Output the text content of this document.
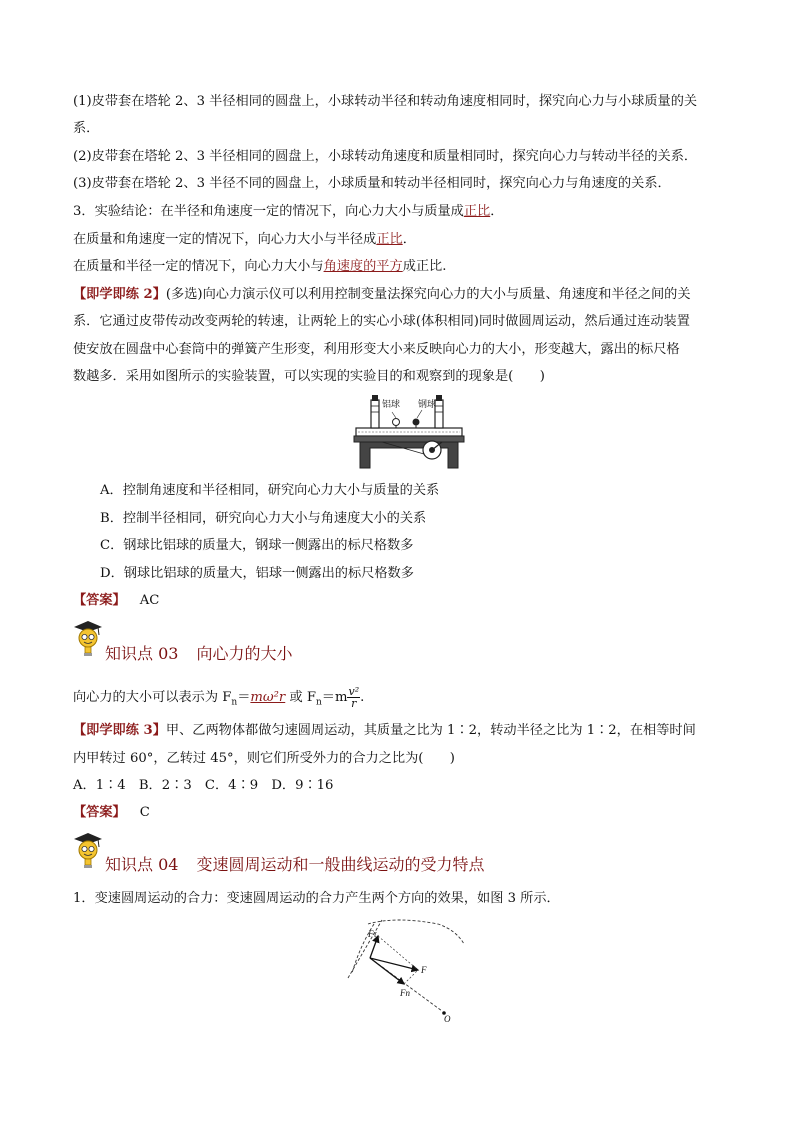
(1)皮带套在塔轮 2、3 半径相同的圆盘上，小球转动半径和转动角速度相同时，探究向心力与小球质量的关
系．
(2)皮带套在塔轮 2、3 半径相同的圆盘上，小球转动角速度和质量相同时，探究向心力与转动半径的关系．
(3)皮带套在塔轮 2、3 半径不同的圆盘上，小球质量和转动半径相同时，探究向心力与角速度的关系．
3．实验结论：在半径和角速度一定的情况下，向心力大小与质量成正比．
在质量和角速度一定的情况下，向心力大小与半径成正比．
在质量和半径一定的情况下，向心力大小与角速度的平方成正比.
【即学即练 2】(多选)向心力演示仪可以利用控制变量法探究向心力的大小与质量、角速度和半径之间的关
系．它通过皮带传动改变两轮的转速，让两轮上的实心小球(体积相同)同时做圆周运动，然后通过连动装置
使安放在圆盘中心套筒中的弹簧产生形变，利用形变大小来反映向心力的大小，形变越大，露出的标尺格
数越多．采用如图所示的实验装置，可以实现的实验目的和观察到的现象是(　　)
铝球 钢球
A．控制角速度和半径相同，研究向心力大小与质量的关系
B．控制半径相同，研究向心力大小与角速度大小的关系
C．钢球比铝球的质量大，钢球一侧露出的标尺格数多
D．钢球比铝球的质量大，铝球一侧露出的标尺格数多
【答案】 AC
知识点 03 向心力的大小
向心力的大小可以表示为 $F_n=m\omega^2r$ 或 $F_n=m \frac{\text{v²}}{r}$ .
【即学即练 3】甲、乙两物体都做匀速圆周运动，其质量之比为 1∶2，转动半径之比为 1∶2，在相等时间
内甲转过 60°，乙转过 45°，则它们所受外力的合力之比为(　　)
A．1∶4　B．2∶3　C．4∶9　D．9∶16
【答案】 C
知识点 04 变速圆周运动和一般曲线运动的受力特点
1．变速圆周运动的合力：变速圆周运动的合力产生两个方向的效果，如图 3 所示．
Fτ
F
Fn
O
